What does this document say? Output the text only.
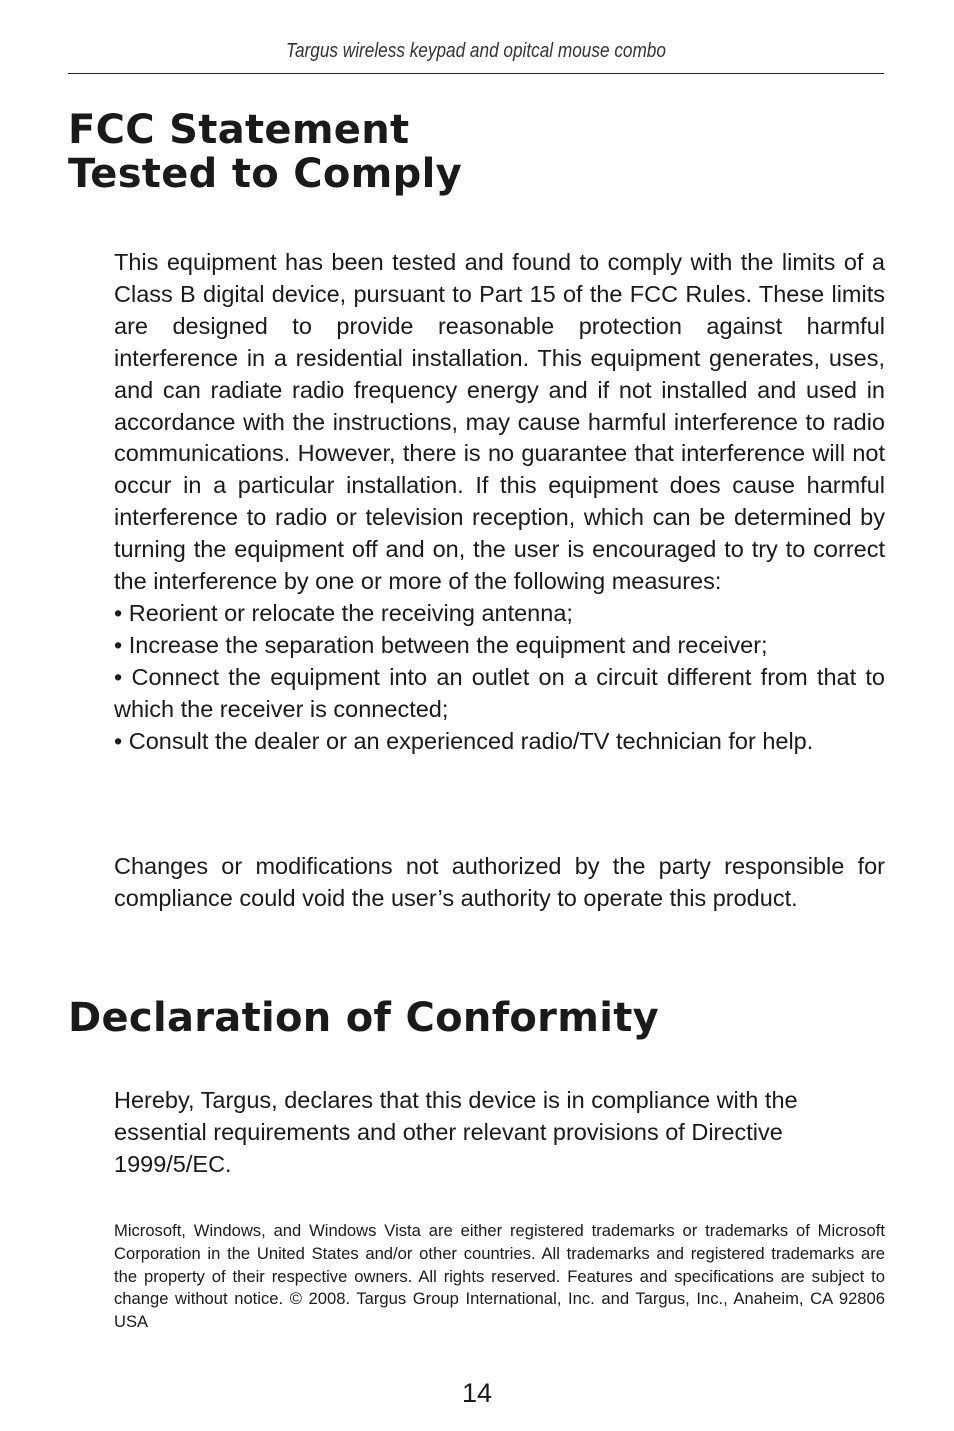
Targus wireless keypad and opitcal mouse combo
FCC Statement
Tested to Comply

This equipment has been tested and found to comply with the limits of a Class B digital device, pursuant to Part 15 of the FCC Rules. These limits are designed to provide reasonable protection against harmful interference in a residential installation. This equipment generates, uses, and can radiate radio frequency energy and if not installed and used in accordance with the instructions, may cause harmful interference to radio communications. However, there is no guarantee that interference will not occur in a particular installation. If this equipment does cause harmful interference to radio or television reception, which can be determined by turning the equipment off and on, the user is encouraged to try to correct the interference by one or more of the following measures:

• Reorient or relocate the receiving antenna;

• Increase the separation between the equipment and receiver;

• Connect the equipment into an outlet on a circuit different from that to which the receiver is connected;

• Consult the dealer or an experienced radio/TV technician for help.

Changes or modifications not authorized by the party responsible for compliance could void the user’s authority to operate this product.

Declaration of Conformity

Hereby, Targus, declares that this device is in compliance with the essential requirements and other relevant provisions of Directive 1999/5/EC.

Microsoft, Windows, and Windows Vista are either registered trademarks or trademarks of Microsoft Corporation in the United States and/or other countries. All trademarks and registered trademarks are the property of their respective owners. All rights reserved. Features and specifications are subject to change without notice. © 2008. Targus Group International, Inc. and Targus, Inc., Anaheim, CA 92806 USA

14
